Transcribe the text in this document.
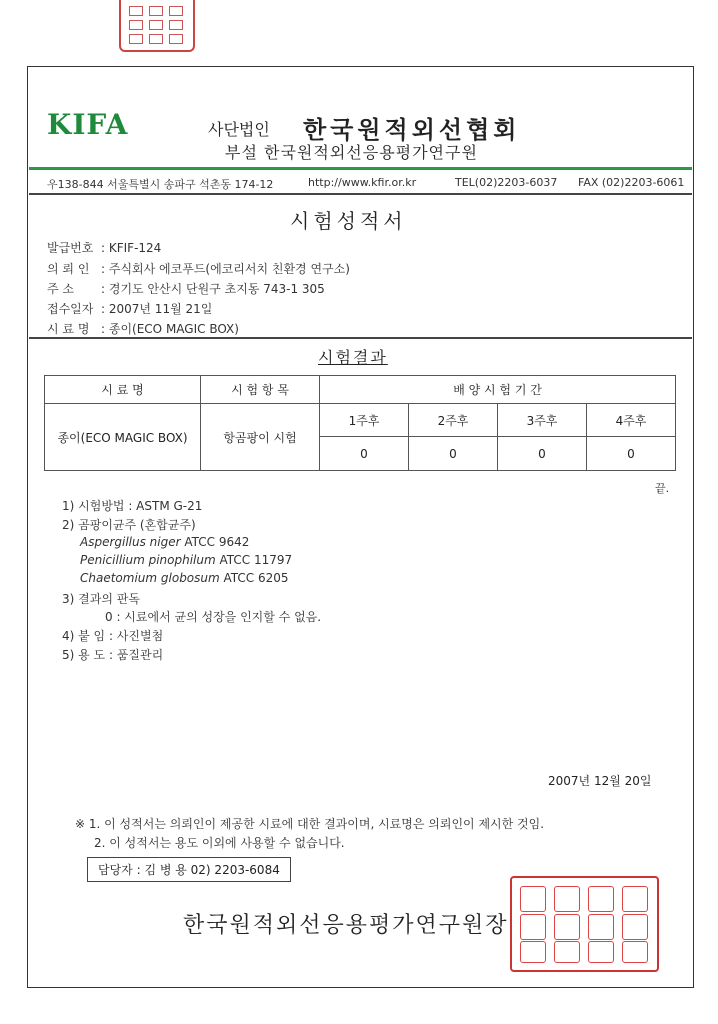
KIFA	사단법인 한국원적외선협회
부설 한국원적외선응용평가연구원
우138-844 서울특별시 송파구 석촌동 174-12	http://www.kfir.or.kr	TEL(02)2203-6037 FAX (02)2203-6061
시험성적서
발급번호 : KFIF-124
의 뢰 인 : 주식회사 에코푸드(에코리서치 친환경 연구소)
주 소 : 경기도 안산시 단원구 초지동 743-1 305
접수일자 : 2007년 11월 21일
시 료 명 : 종이(ECO MAGIC BOX)
시험결과
시 료 명	시 험 항 목	배 양 시 험 기 간			
종이(ECO MAGIC BOX)	항곰팡이 시험	1주후	2주후	3주후	4주후
		0	0	0	0
끝.
1) 시험방법 : ASTM G-21
2) 곰팡이균주 (혼합균주)
Aspergillus niger ATCC 9642
Penicillium pinophilum ATCC 11797
Chaetomium globosum ATCC 6205
3) 결과의 판독
0 : 시료에서 균의 성장을 인지할 수 없음.
4) 붙 임 : 사진별첨
5) 용 도 : 품질관리
2007년 12월 20일
※ 1. 이 성적서는 의뢰인이 제공한 시료에 대한 결과이며, 시료명은 의뢰인이 제시한 것임.
2. 이 성적서는 용도 이외에 사용할 수 없습니다.
담당자 : 김 병 용 02) 2203-6084
한국원적외선응용평가연구원장
